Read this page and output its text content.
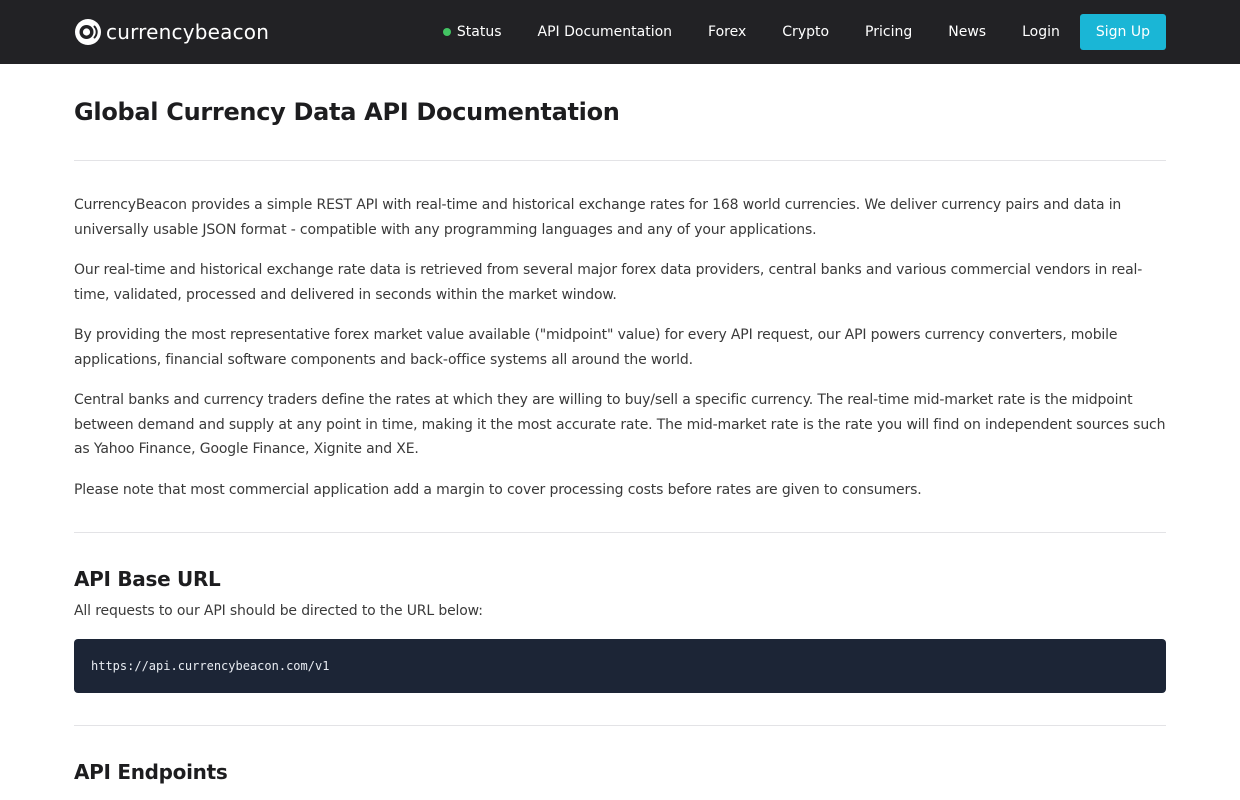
currencybeacon	Status	API Documentation	Forex	Crypto	Pricing	News	Login	Sign Up
Global Currency Data API Documentation

CurrencyBeacon provides a simple REST API with real-time and historical exchange rates for 168 world currencies. We deliver currency pairs and data in universally usable JSON format - compatible with any programming languages and any of your applications.

Our real-time and historical exchange rate data is retrieved from several major forex data providers, central banks and various commercial vendors in real-time, validated, processed and delivered in seconds within the market window.

By providing the most representative forex market value available ("midpoint" value) for every API request, our API powers currency converters, mobile applications, financial software components and back-office systems all around the world.

Central banks and currency traders define the rates at which they are willing to buy/sell a specific currency. The real-time mid-market rate is the midpoint between demand and supply at any point in time, making it the most accurate rate. The mid-market rate is the rate you will find on independent sources such as Yahoo Finance, Google Finance, Xignite and XE.

Please note that most commercial application add a margin to cover processing costs before rates are given to consumers.

API Base URL

All requests to our API should be directed to the URL below:

https://api.currencybeacon.com/v1
API Endpoints
